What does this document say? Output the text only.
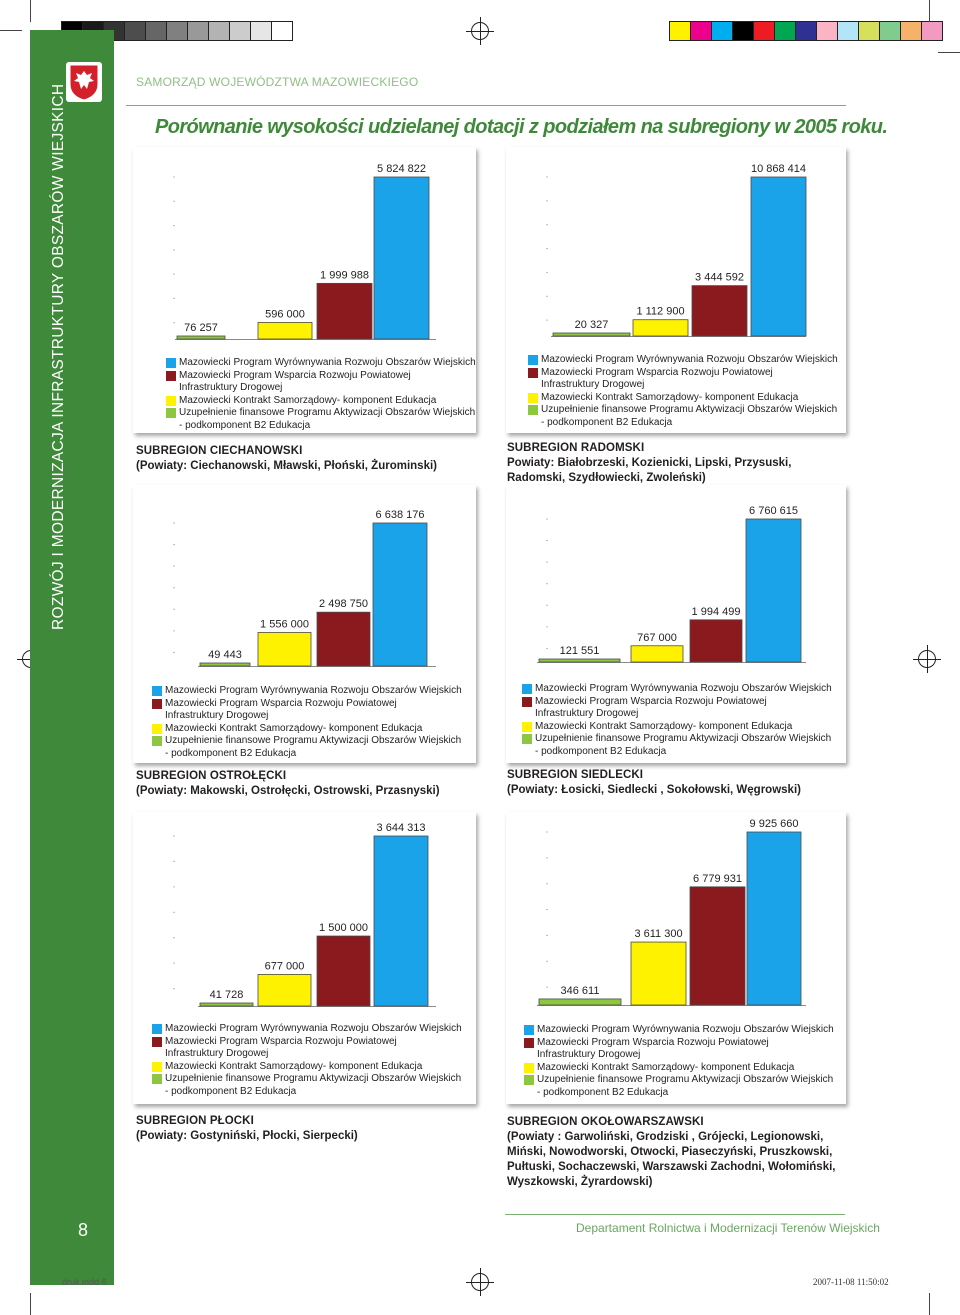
ROZWÓJ I MODERNIZACJA INFRASTRUKTURY OBSZARÓW WIEJSKICH
8
SAMORZĄD WOJEWÓDZTWA MAZOWIECKIEGO
Porównanie wysokości udzielanej dotacji z podziałem na subregiony w 2005 roku.
76 257
596 000
1 999 988
5 824 822
Mazowiecki Program Wyrównywania Rozwoju Obszarów Wiejskich
Mazowiecki Program Wsparcia Rozwoju Powiatowej
Infrastruktury Drogowej
Mazowiecki Kontrakt Samorządowy- komponent Edukacja
Uzupełnienie finansowe Programu Aktywizacji Obszarów Wiejskich
- podkomponent B2 Edukacja
20 327
1 112 900
3 444 592
10 868 414
Mazowiecki Program Wyrównywania Rozwoju Obszarów Wiejskich
Mazowiecki Program Wsparcia Rozwoju Powiatowej
Infrastruktury Drogowej
Mazowiecki Kontrakt Samorządowy- komponent Edukacja
Uzupełnienie finansowe Programu Aktywizacji Obszarów Wiejskich
- podkomponent B2 Edukacja
49 443
1 556 000
2 498 750
6 638 176
Mazowiecki Program Wyrównywania Rozwoju Obszarów Wiejskich
Mazowiecki Program Wsparcia Rozwoju Powiatowej
Infrastruktury Drogowej
Mazowiecki Kontrakt Samorządowy- komponent Edukacja
Uzupełnienie finansowe Programu Aktywizacji Obszarów Wiejskich
- podkomponent B2 Edukacja
121 551
767 000
1 994 499
6 760 615
Mazowiecki Program Wyrównywania Rozwoju Obszarów Wiejskich
Mazowiecki Program Wsparcia Rozwoju Powiatowej
Infrastruktury Drogowej
Mazowiecki Kontrakt Samorządowy- komponent Edukacja
Uzupełnienie finansowe Programu Aktywizacji Obszarów Wiejskich
- podkomponent B2 Edukacja
41 728
677 000
1 500 000
3 644 313
Mazowiecki Program Wyrównywania Rozwoju Obszarów Wiejskich
Mazowiecki Program Wsparcia Rozwoju Powiatowej
Infrastruktury Drogowej
Mazowiecki Kontrakt Samorządowy- komponent Edukacja
Uzupełnienie finansowe Programu Aktywizacji Obszarów Wiejskich
- podkomponent B2 Edukacja
346 611
3 611 300
6 779 931
9 925 660
Mazowiecki Program Wyrównywania Rozwoju Obszarów Wiejskich
Mazowiecki Program Wsparcia Rozwoju Powiatowej
Infrastruktury Drogowej
Mazowiecki Kontrakt Samorządowy- komponent Edukacja
Uzupełnienie finansowe Programu Aktywizacji Obszarów Wiejskich
- podkomponent B2 Edukacja
SUBREGION CIECHANOWSKI
(Powiaty: Ciechanowski, Mławski, Płoński, Żurominski)
SUBREGION RADOMSKI
Powiaty: Białobrzeski, Kozienicki, Lipski, Przysuski,
Radomski, Szydłowiecki, Zwoleński)
SUBREGION OSTROŁĘCKI
(Powiaty: Makowski, Ostrołęcki, Ostrowski, Przasnyski)
SUBREGION SIEDLECKI
(Powiaty: Łosicki, Siedlecki , Sokołowski, Węgrowski)
SUBREGION PŁOCKI
(Powiaty: Gostyniński, Płocki, Sierpecki)
SUBREGION OKOŁOWARSZAWSKI
(Powiaty : Garwoliński, Grodziski , Grójecki, Legionowski,
Miński, Nowodworski, Otwocki, Piaseczyński, Pruszkowski,
Pułtuski, Sochaczewski, Warszawski Zachodni, Wołomiński,
Wyszkowski, Żyrardowski)
Departament Rolnictwa i Modernizacji Terenów Wiejskich
druk.indd 8	2007-11-08 11:50:02
